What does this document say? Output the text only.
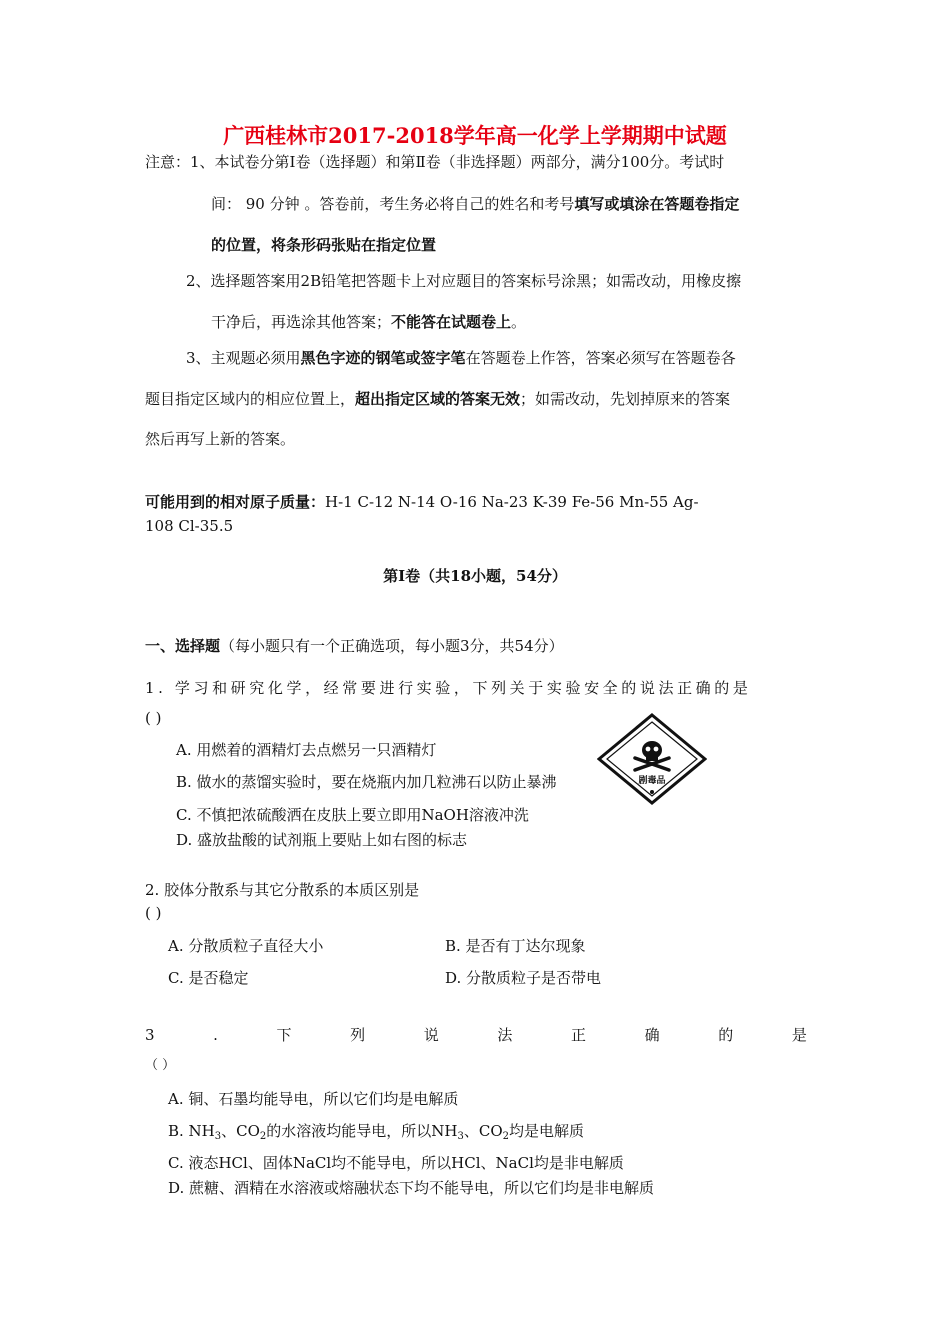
广西桂林市2017-2018学年高一化学上学期期中试题
注意：1、本试卷分第Ⅰ卷（选择题）和第Ⅱ卷（非选择题）两部分，满分100分。考试时
间： 90 分钟 。答卷前，考生务必将自己的姓名和考号填写或填涂在答题卷指定
的位置，将条形码张贴在指定位置
2、选择题答案用2B铅笔把答题卡上对应题目的答案标号涂黑；如需改动，用橡皮擦
干净后，再选涂其他答案；不能答在试题卷上。
3、主观题必须用黑色字迹的钢笔或签字笔在答题卷上作答，答案必须写在答题卷各
题目指定区域内的相应位置上，超出指定区域的答案无效；如需改动，先划掉原来的答案
然后再写上新的答案。
可能用到的相对原子质量：H-1 C-12 N-14 O-16 Na-23 K-39 Fe-56 Mn-55 Ag-
108 Cl-35.5
第Ⅰ卷（共18小题，54分）
一、选择题（每小题只有一个正确选项，每小题3分，共54分）
1. 学习和研究化学，经常要进行实验，下列关于实验安全的说法正确的是
( )
A. 用燃着的酒精灯去点燃另一只酒精灯
B. 做水的蒸馏实验时，要在烧瓶内加几粒沸石以防止暴沸
C. 不慎把浓硫酸洒在皮肤上要立即用NaOH溶液冲洗
D. 盛放盐酸的试剂瓶上要贴上如右图的标志
剧毒品
2. 胶体分散系与其它分散系的本质区别是
( )
A. 分散质粒子直径大小	B. 是否有丁达尔现象
C. 是否稳定	D. 分散质粒子是否带电
3	.	下	列	说	法	正	确	的	是
（ ）
A. 铜、石墨均能导电，所以它们均是电解质
B. $NH_3$、$CO_2$的水溶液均能导电，所以$NH_3$、$CO_2$均是电解质
C. 液态HCl、固体NaCl均不能导电，所以HCl、NaCl均是非电解质
D. 蔗糖、酒精在水溶液或熔融状态下均不能导电，所以它们均是非电解质
